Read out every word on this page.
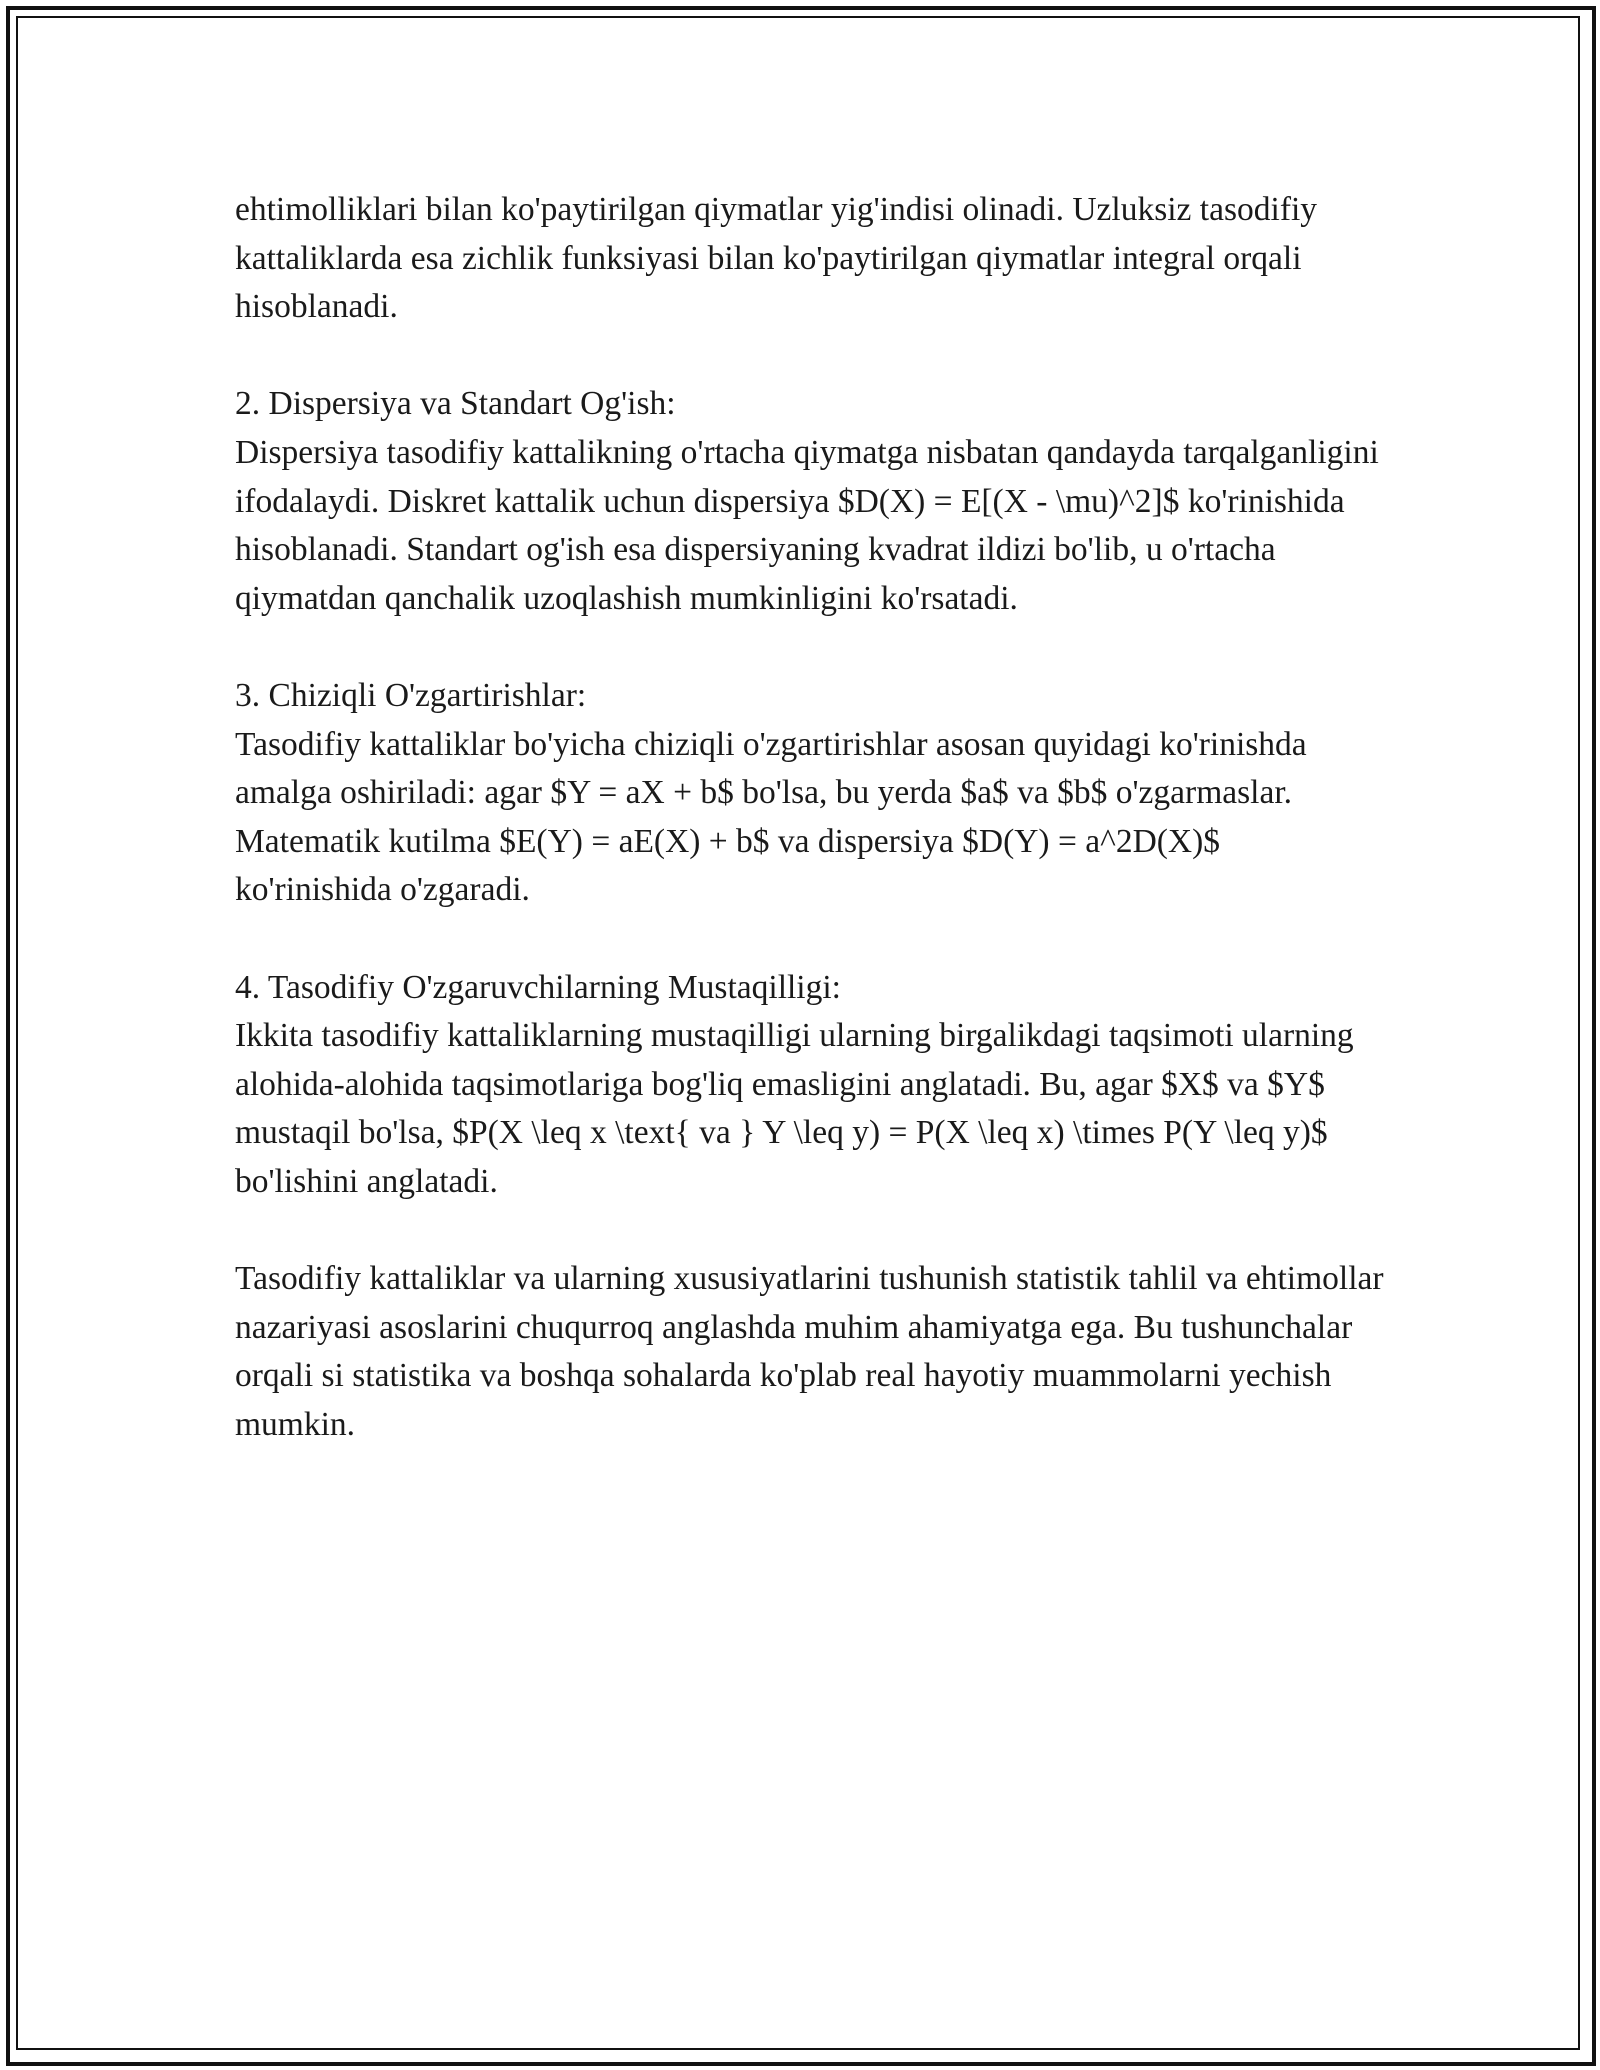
ehtimolliklari bilan ko'paytirilgan qiymatlar yig'indisi olinadi. Uzluksiz tasodifiy kattaliklarda esa zichlik funksiyasi bilan ko'paytirilgan qiymatlar integral orqali hisoblanadi.

2. Dispersiya va Standart Og'ish:

Dispersiya tasodifiy kattalikning o'rtacha qiymatga nisbatan qandayda tarqalganligini ifodalaydi. Diskret kattalik uchun dispersiya $D(X) = E[(X - \mu)^2]$ ko'rinishida hisoblanadi. Standart og'ish esa dispersiyaning kvadrat ildizi bo'lib, u o'rtacha qiymatdan qanchalik uzoqlashish mumkinligini ko'rsatadi.

3. Chiziqli O'zgartirishlar:

Tasodifiy kattaliklar bo'yicha chiziqli o'zgartirishlar asosan quyidagi ko'rinishda amalga oshiriladi: agar $Y = aX + b$ bo'lsa, bu yerda $a$ va $b$ o'zgarmaslar. Matematik kutilma $E(Y) = aE(X) + b$ va dispersiya $D(Y) = a^2D(X)$ ko'rinishida o'zgaradi.

4. Tasodifiy O'zgaruvchilarning Mustaqilligi:

Ikkita tasodifiy kattaliklarning mustaqilligi ularning birgalikdagi taqsimoti ularning alohida-alohida taqsimotlariga bog'liq emasligini anglatadi. Bu, agar $X$ va $Y$ mustaqil bo'lsa, $P(X \leq x \text{ va } Y \leq y) = P(X \leq x) \times P(Y \leq y)$ bo'lishini anglatadi.

Tasodifiy kattaliklar va ularning xususiyatlarini tushunish statistik tahlil va ehtimollar nazariyasi asoslarini chuqurroq anglashda muhim ahamiyatga ega. Bu tushunchalar orqali si statistika va boshqa sohalarda ko'plab real hayotiy muammolarni yechish mumkin.
